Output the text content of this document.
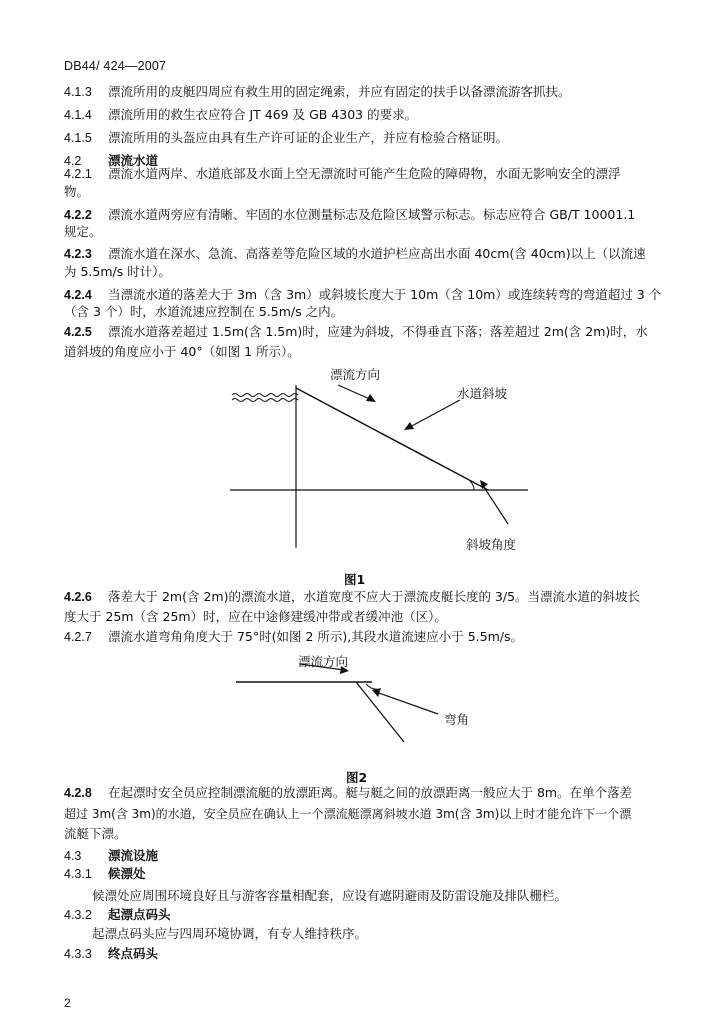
DB44/ 424—2007
4.1.3 漂流所用的皮艇四周应有救生用的固定绳索，并应有固定的扶手以备漂流游客抓扶。
4.1.4 漂流所用的救生衣应符合 JT 469 及 GB 4303 的要求。
4.1.5 漂流所用的头盔应由具有生产许可证的企业生产，并应有检验合格证明。
4.2 漂流水道
4.2.1 漂流水道两岸、水道底部及水面上空无漂流时可能产生危险的障碍物，水面无影响安全的漂浮
物。
4.2.2 漂流水道两旁应有清晰、牢固的水位测量标志及危险区域警示标志。标志应符合 GB/T 10001.1
规定。
4.2.3 漂流水道在深水、急流、高落差等危险区域的水道护栏应高出水面 40cm(含 40cm)以上（以流速
为 5.5m/s 时计）。
4.2.4 当漂流水道的落差大于 3m（含 3m）或斜坡长度大于 10m（含 10m）或连续转弯的弯道超过 3 个
（含 3 个）时，水道流速应控制在 5.5m/s 之内。
4.2.5 漂流水道落差超过 1.5m(含 1.5m)时，应建为斜坡，不得垂直下落；落差超过 2m(含 2m)时，水
道斜坡的角度应小于 40°（如图 1 所示）。
漂流方向
水道斜坡
斜坡角度
图1
4.2.6 落差大于 2m(含 2m)的漂流水道，水道宽度不应大于漂流皮艇长度的 3/5。当漂流水道的斜坡长
度大于 25m（含 25m）时，应在中途修建缓冲带或者缓冲池（区）。
4.2.7 漂流水道弯角角度大于 75°时(如图 2 所示),其段水道流速应小于 5.5m/s。
漂流方向
弯角
图2
4.2.8 在起漂时安全员应控制漂流艇的放漂距离。艇与艇之间的放漂距离一般应大于 8m。在单个落差
超过 3m(含 3m)的水道，安全员应在确认上一个漂流艇漂离斜坡水道 3m(含 3m)以上时才能允许下一个漂
流艇下漂。
4.3 漂流设施
4.3.1 候漂处
候漂处应周围环境良好且与游客容量相配套，应设有遮阴避雨及防雷设施及排队栅栏。
4.3.2 起漂点码头
起漂点码头应与四周环境协调，有专人维持秩序。
4.3.3 终点码头
2
